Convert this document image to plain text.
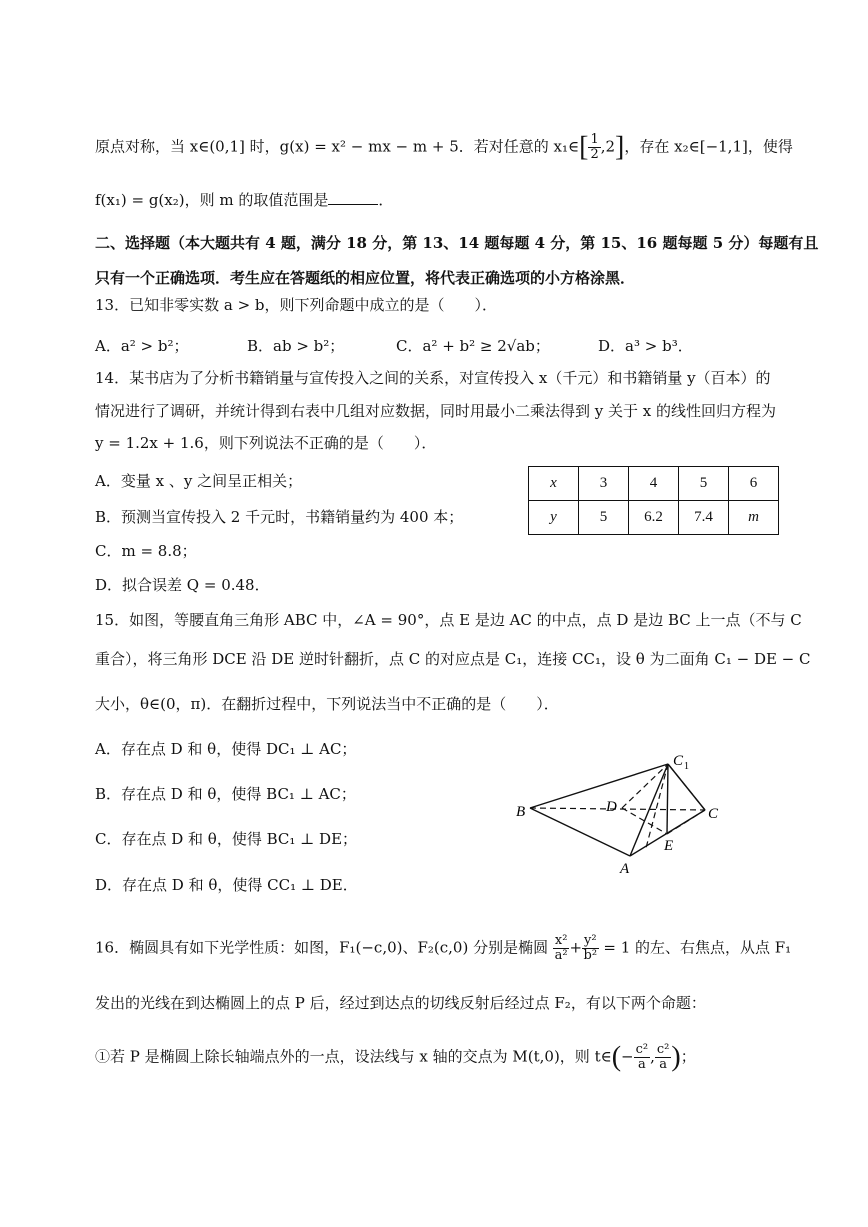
原点对称，当 x∈(0,1] 时，g(x) = x² − mx − m + 5．若对任意的 x₁∈[ $\frac{1}{2} ,2$]，存在 x₂∈[−1,1]，使得
f(x₁) = g(x₂)，则 m 的取值范围是	．
二、选择题（本大题共有 4 题，满分 18 分，第 13、14 题每题 4 分，第 15、16 题每题 5 分）每题有且
只有一个正确选项．考生应在答题纸的相应位置，将代表正确选项的小方格涂黑．
13．已知非零实数 a > b，则下列命题中成立的是（　　）．
A．a² > b²；	B．ab > b²；	C．a² + b² ≥ 2√ab；	D．a³ > b³．
14．某书店为了分析书籍销量与宣传投入之间的关系，对宣传投入 x（千元）和书籍销量 y（百本）的
情况进行了调研，并统计得到右表中几组对应数据，同时用最小二乘法得到 y 关于 x 的线性回归方程为
y = 1.2x + 1.6，则下列说法不正确的是（　　）．
A．变量 x 、y 之间呈正相关；
B．预测当宣传投入 2 千元时，书籍销量约为 400 本；
C．m = 8.8；
D．拟合误差 Q = 0.48．
x	3	4	5	6
y	5	6.2	7.4	m
15．如图，等腰直角三角形 ABC 中，∠A = 90°，点 E 是边 AC 的中点，点 D 是边 BC 上一点（不与 C
重合），将三角形 DCE 沿 DE 逆时针翻折，点 C 的对应点是 C₁，连接 CC₁，设 θ 为二面角 C₁ − DE − C
大小，θ∈(0，π)．在翻折过程中，下列说法当中不正确的是（　　）．
A．存在点 D 和 θ，使得 DC₁ ⊥ AC；
B．存在点 D 和 θ，使得 BC₁ ⊥ AC；
C．存在点 D 和 θ，使得 BC₁ ⊥ DE；
D．存在点 D 和 θ，使得 CC₁ ⊥ DE．
B	D	C
C 1
A
E
16．椭圆具有如下光学性质：如图，F₁(−c,0)、F₂(c,0) 分别是椭圆 $\frac{\text{x²}}{\text{a²}} + \frac{\text{y²}}{\text{b²}} = 1$ 的左、右焦点，从点 F₁
发出的光线在到达椭圆上的点 P 后，经过到达点的切线反射后经过点 F₂，有以下两个命题：
①若 P 是椭圆上除长轴端点外的一点，设法线与 x 轴的交点为 M(t,0)，则 t∈(− $\frac{\text{c²}}{a}$ , $\frac{\text{c²}}{a}$ )；
